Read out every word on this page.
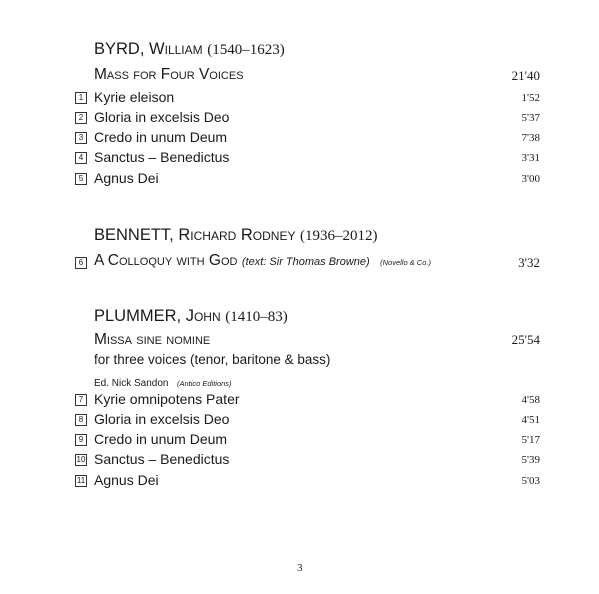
BYRD, William (1540–1623)
Mass for Four Voices	21'40
1 Kyrie eleison	1'52
2 Gloria in excelsis Deo	5'37
3 Credo in unum Deum	7'38
4 Sanctus – Benedictus	3'31
5 Agnus Dei	3'00
BENNETT, Richard Rodney (1936–2012)
6 A Colloquy with God (text: Sir Thomas Browne) (Novello & Co.)	3'32
PLUMMER, John (1410–83)
Missa sine nomine	25'54
for three voices (tenor, baritone & bass)
Ed. Nick Sandon (Antico Editions)
7 Kyrie omnipotens Pater	4'58
8 Gloria in excelsis Deo	4'51
9 Credo in unum Deum	5'17
10 Sanctus – Benedictus	5'39
11 Agnus Dei	5'03
3
